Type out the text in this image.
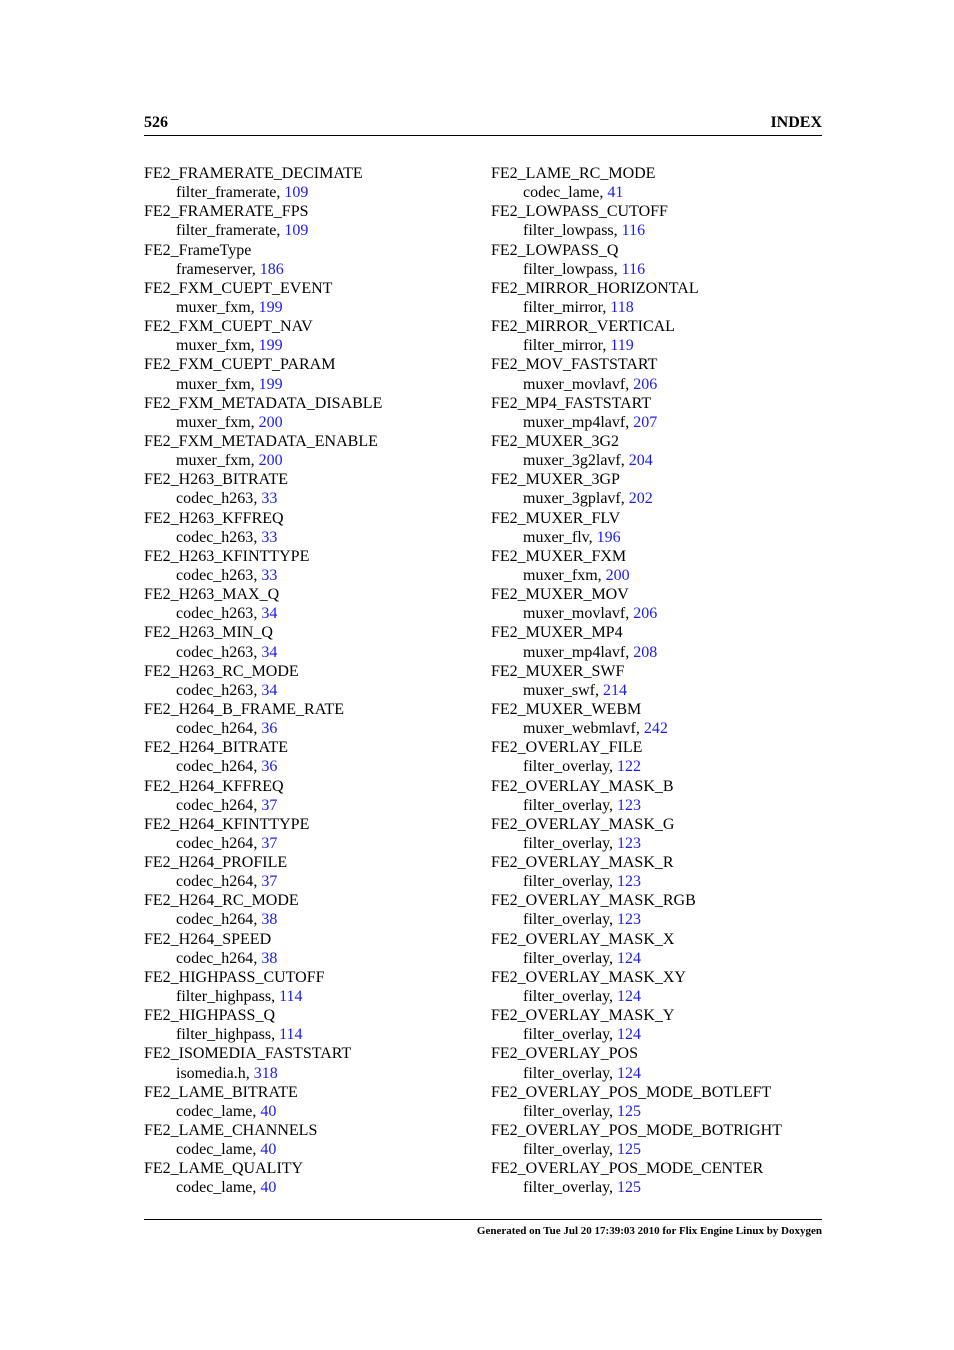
526	INDEX
FE2_FRAMERATE_DECIMATE
filter_framerate, 109
FE2_FRAMERATE_FPS
filter_framerate, 109
FE2_FrameType
frameserver, 186
FE2_FXM_CUEPT_EVENT
muxer_fxm, 199
FE2_FXM_CUEPT_NAV
muxer_fxm, 199
FE2_FXM_CUEPT_PARAM
muxer_fxm, 199
FE2_FXM_METADATA_DISABLE
muxer_fxm, 200
FE2_FXM_METADATA_ENABLE
muxer_fxm, 200
FE2_H263_BITRATE
codec_h263, 33
FE2_H263_KFFREQ
codec_h263, 33
FE2_H263_KFINTTYPE
codec_h263, 33
FE2_H263_MAX_Q
codec_h263, 34
FE2_H263_MIN_Q
codec_h263, 34
FE2_H263_RC_MODE
codec_h263, 34
FE2_H264_B_FRAME_RATE
codec_h264, 36
FE2_H264_BITRATE
codec_h264, 36
FE2_H264_KFFREQ
codec_h264, 37
FE2_H264_KFINTTYPE
codec_h264, 37
FE2_H264_PROFILE
codec_h264, 37
FE2_H264_RC_MODE
codec_h264, 38
FE2_H264_SPEED
codec_h264, 38
FE2_HIGHPASS_CUTOFF
filter_highpass, 114
FE2_HIGHPASS_Q
filter_highpass, 114
FE2_ISOMEDIA_FASTSTART
isomedia.h, 318
FE2_LAME_BITRATE
codec_lame, 40
FE2_LAME_CHANNELS
codec_lame, 40
FE2_LAME_QUALITY
codec_lame, 40
FE2_LAME_RC_MODE
codec_lame, 41
FE2_LOWPASS_CUTOFF
filter_lowpass, 116
FE2_LOWPASS_Q
filter_lowpass, 116
FE2_MIRROR_HORIZONTAL
filter_mirror, 118
FE2_MIRROR_VERTICAL
filter_mirror, 119
FE2_MOV_FASTSTART
muxer_movlavf, 206
FE2_MP4_FASTSTART
muxer_mp4lavf, 207
FE2_MUXER_3G2
muxer_3g2lavf, 204
FE2_MUXER_3GP
muxer_3gplavf, 202
FE2_MUXER_FLV
muxer_flv, 196
FE2_MUXER_FXM
muxer_fxm, 200
FE2_MUXER_MOV
muxer_movlavf, 206
FE2_MUXER_MP4
muxer_mp4lavf, 208
FE2_MUXER_SWF
muxer_swf, 214
FE2_MUXER_WEBM
muxer_webmlavf, 242
FE2_OVERLAY_FILE
filter_overlay, 122
FE2_OVERLAY_MASK_B
filter_overlay, 123
FE2_OVERLAY_MASK_G
filter_overlay, 123
FE2_OVERLAY_MASK_R
filter_overlay, 123
FE2_OVERLAY_MASK_RGB
filter_overlay, 123
FE2_OVERLAY_MASK_X
filter_overlay, 124
FE2_OVERLAY_MASK_XY
filter_overlay, 124
FE2_OVERLAY_MASK_Y
filter_overlay, 124
FE2_OVERLAY_POS
filter_overlay, 124
FE2_OVERLAY_POS_MODE_BOTLEFT
filter_overlay, 125
FE2_OVERLAY_POS_MODE_BOTRIGHT
filter_overlay, 125
FE2_OVERLAY_POS_MODE_CENTER
filter_overlay, 125
Generated on Tue Jul 20 17:39:03 2010 for Flix Engine Linux by Doxygen
